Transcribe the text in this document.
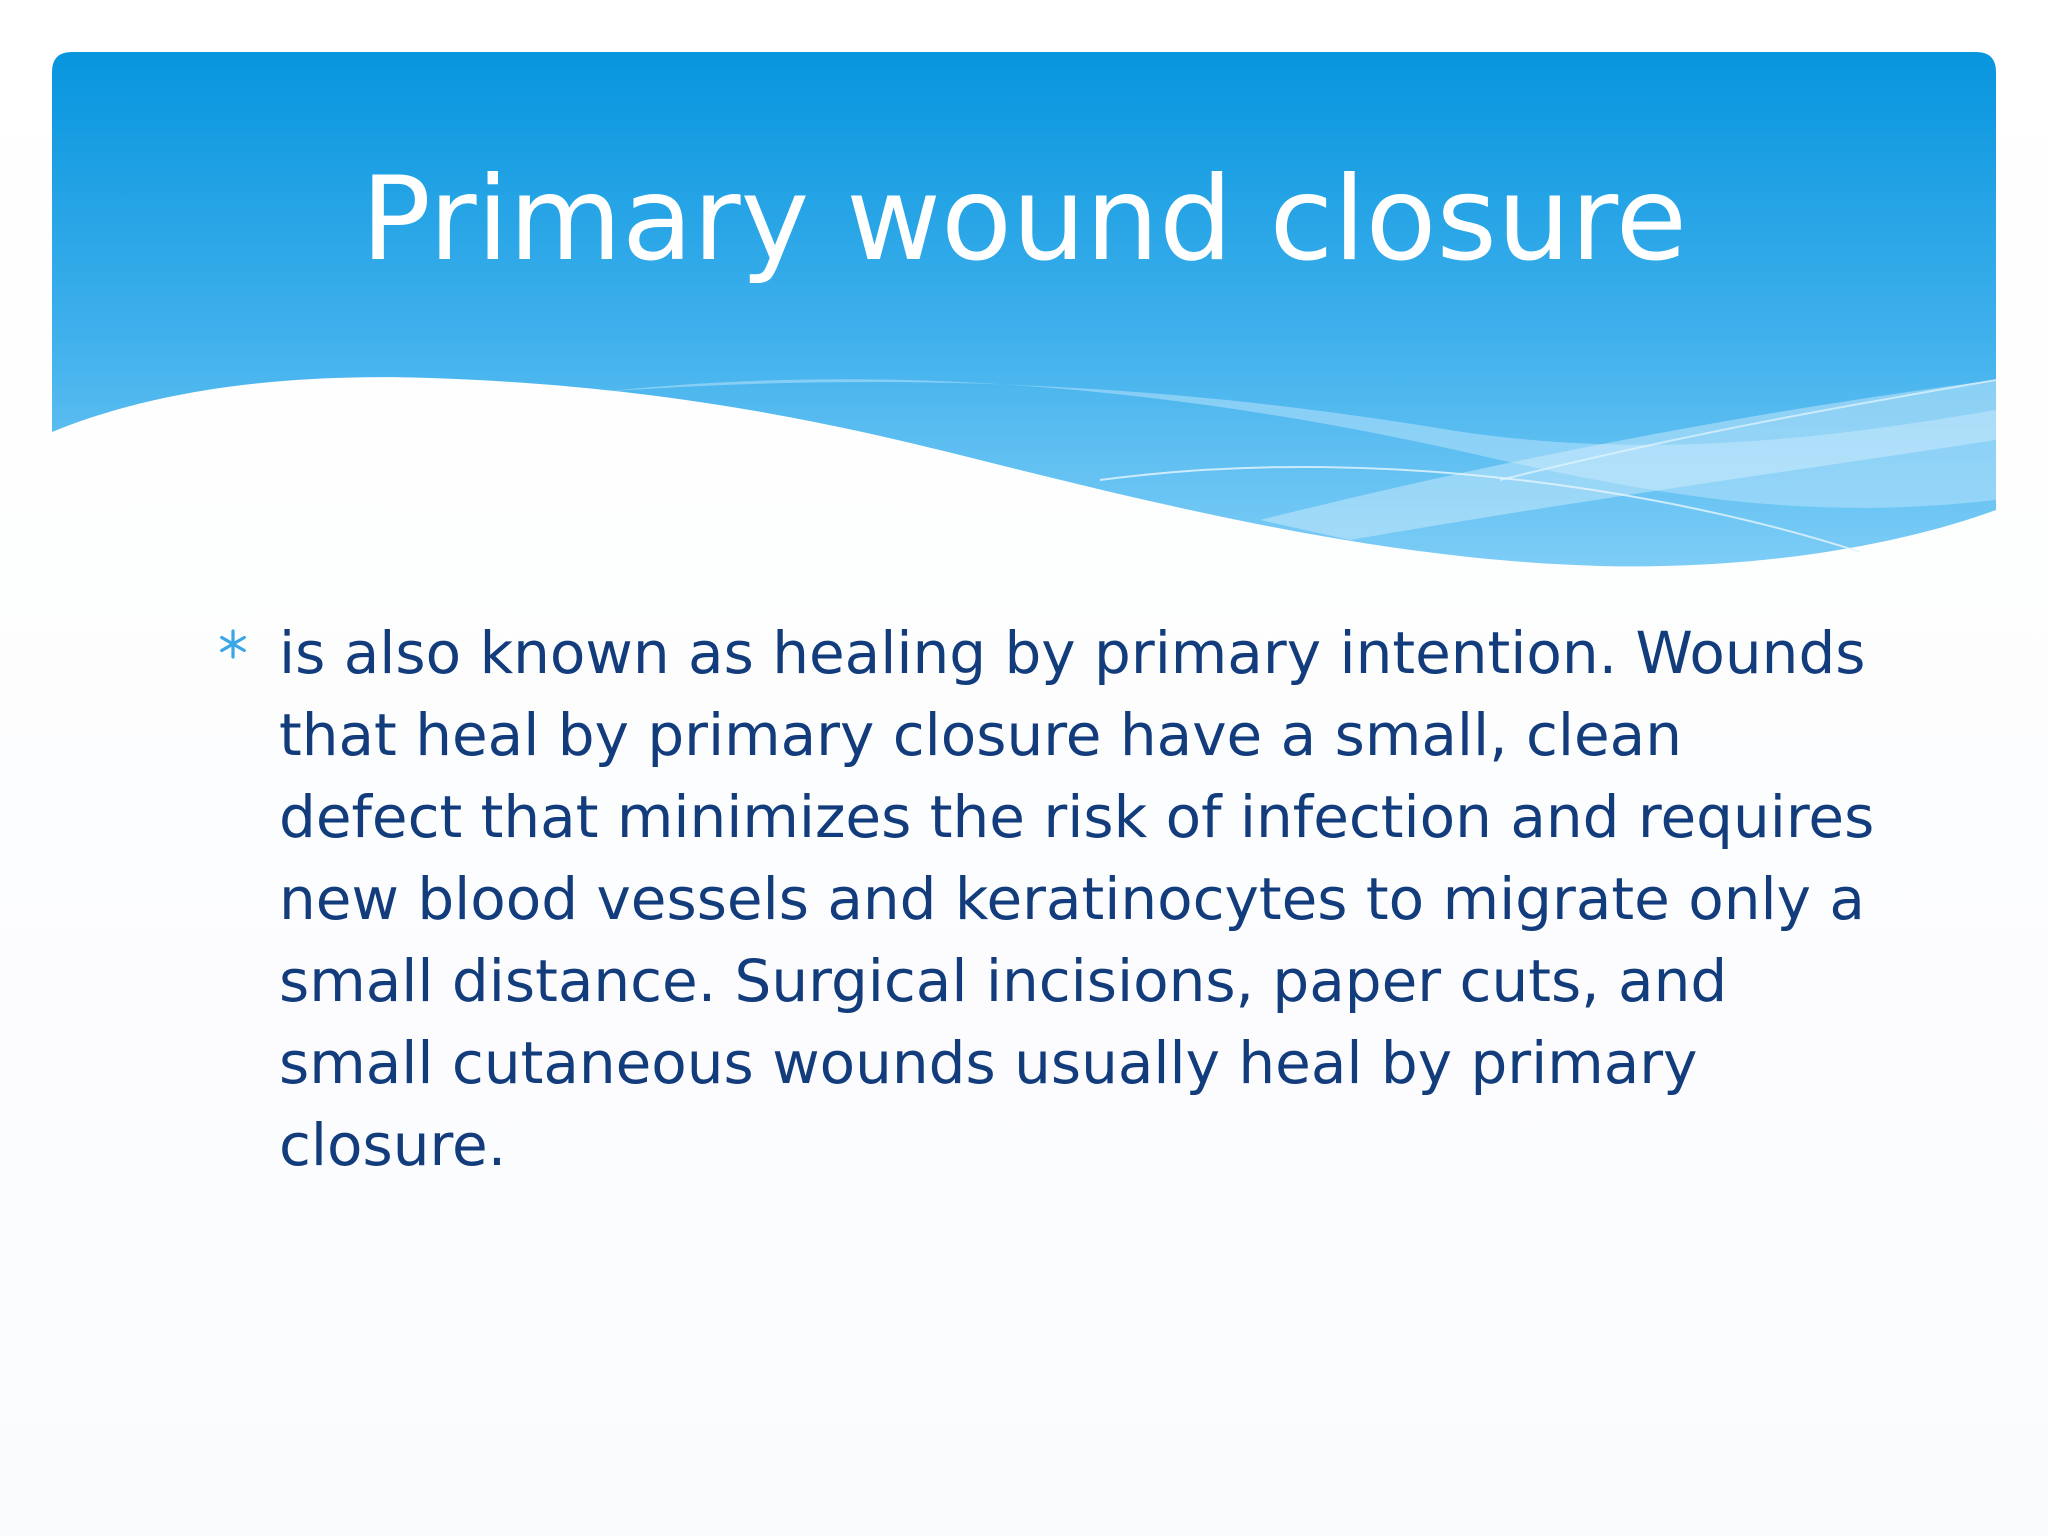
Primary wound closure

is also known as healing by primary intention. Wounds that heal by primary closure have a small, clean defect that minimizes the risk of infection and requires new blood vessels and keratinocytes to migrate only a small distance. Surgical incisions, paper cuts, and small cutaneous wounds usually heal by primary closure.
